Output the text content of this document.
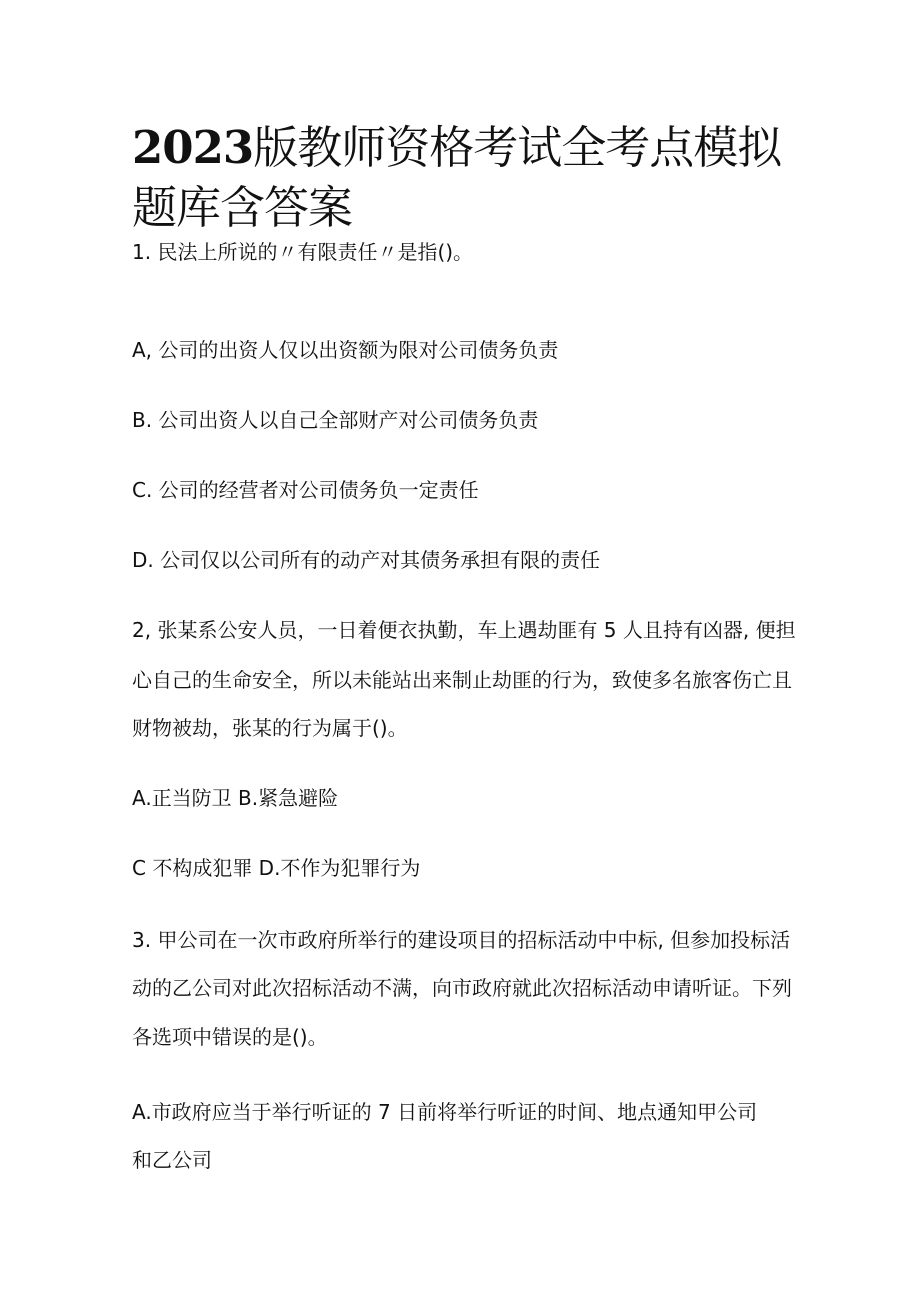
2023版教师资格考试全考点模拟题库含答案

1. 民法上所说的〃有限责任〃是指()。

A, 公司的出资人仅以出资额为限对公司债务负责

B. 公司出资人以自己全部财产对公司债务负责

C. 公司的经营者对公司债务负一定责任

D. 公司仅以公司所有的动产对其债务承担有限的责任

2, 张某系公安人员，一日着便衣执勤，车上遇劫匪有 5 人且持有凶器, 便担

心自己的生命安全，所以未能站出来制止劫匪的行为，致使多名旅客伤亡且

财物被劫，张某的行为属于()。

A.正当防卫 B.紧急避险

C 不构成犯罪 D.不作为犯罪行为

3. 甲公司在一次市政府所举行的建设项目的招标活动中中标, 但参加投标活

动的乙公司对此次招标活动不满，向市政府就此次招标活动申请听证。下列

各选项中错误的是()。

A.市政府应当于举行听证的 7 日前将举行听证的时间、地点通知甲公司

和乙公司
